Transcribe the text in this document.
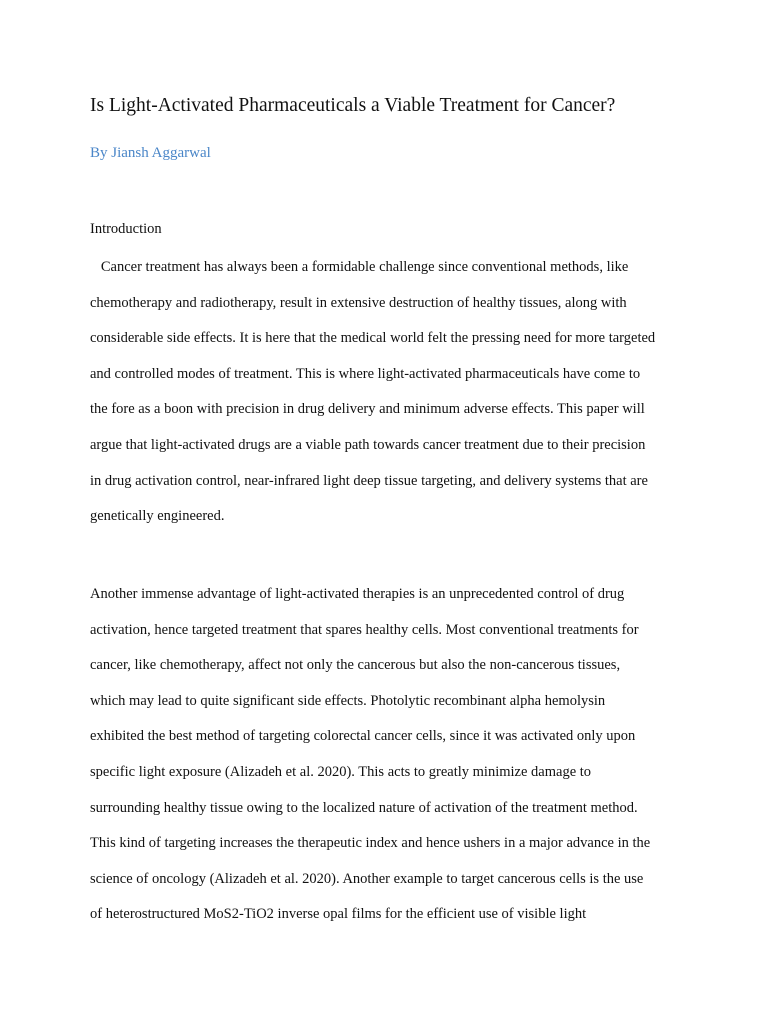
Is Light-Activated Pharmaceuticals a Viable Treatment for Cancer?
By Jiansh Aggarwal
Introduction
Cancer treatment has always been a formidable challenge since conventional methods, like
chemotherapy and radiotherapy, result in extensive destruction of healthy tissues, along with
considerable side effects. It is here that the medical world felt the pressing need for more targeted
and controlled modes of treatment. This is where light-activated pharmaceuticals have come to
the fore as a boon with precision in drug delivery and minimum adverse effects. This paper will
argue that light-activated drugs are a viable path towards cancer treatment due to their precision
in drug activation control, near-infrared light deep tissue targeting, and delivery systems that are
genetically engineered.
Another immense advantage of light-activated therapies is an unprecedented control of drug
activation, hence targeted treatment that spares healthy cells. Most conventional treatments for
cancer, like chemotherapy, affect not only the cancerous but also the non-cancerous tissues,
which may lead to quite significant side effects. Photolytic recombinant alpha hemolysin
exhibited the best method of targeting colorectal cancer cells, since it was activated only upon
specific light exposure (Alizadeh et al. 2020). This acts to greatly minimize damage to
surrounding healthy tissue owing to the localized nature of activation of the treatment method.
This kind of targeting increases the therapeutic index and hence ushers in a major advance in the
science of oncology (Alizadeh et al. 2020). Another example to target cancerous cells is the use
of heterostructured MoS2-TiO2 inverse opal films for the efficient use of visible light
